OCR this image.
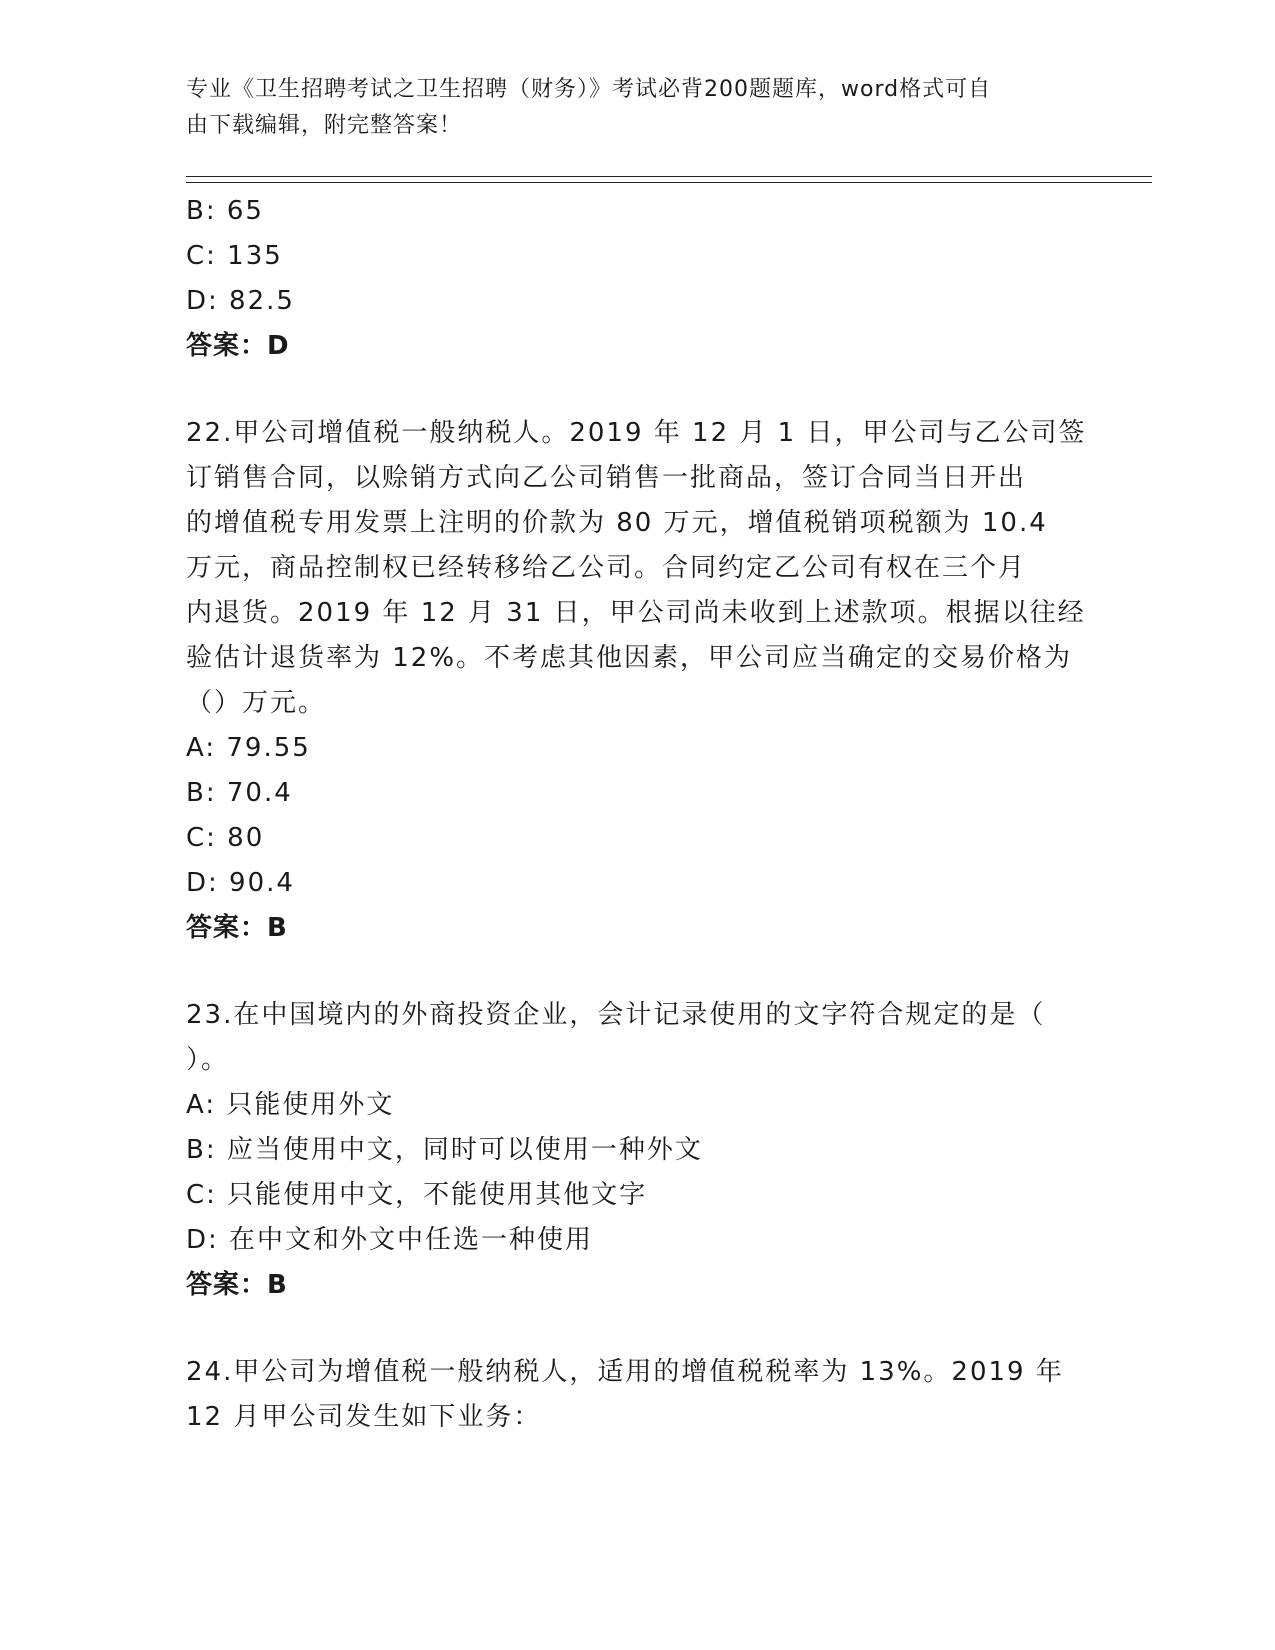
专业《卫生招聘考试之卫生招聘（财务）》考试必背200题题库，word格式可自
由下载编辑，附完整答案！
B: 65
C: 135
D: 82.5
答案：D
22.甲公司增值税一般纳税人。2019 年 12 月 1 日，甲公司与乙公司签
订销售合同，以赊销方式向乙公司销售一批商品，签订合同当日开出
的增值税专用发票上注明的价款为 80 万元，增值税销项税额为 10.4
万元，商品控制权已经转移给乙公司。合同约定乙公司有权在三个月
内退货。2019 年 12 月 31 日，甲公司尚未收到上述款项。根据以往经
验估计退货率为 12%。不考虑其他因素，甲公司应当确定的交易价格为
（）万元。
A: 79.55
B: 70.4
C: 80
D: 90.4
答案：B
23.在中国境内的外商投资企业，会计记录使用的文字符合规定的是（
）。
A: 只能使用外文
B: 应当使用中文，同时可以使用一种外文
C: 只能使用中文，不能使用其他文字
D: 在中文和外文中任选一种使用
答案：B
24.甲公司为增值税一般纳税人，适用的增值税税率为 13%。2019 年
12 月甲公司发生如下业务：
